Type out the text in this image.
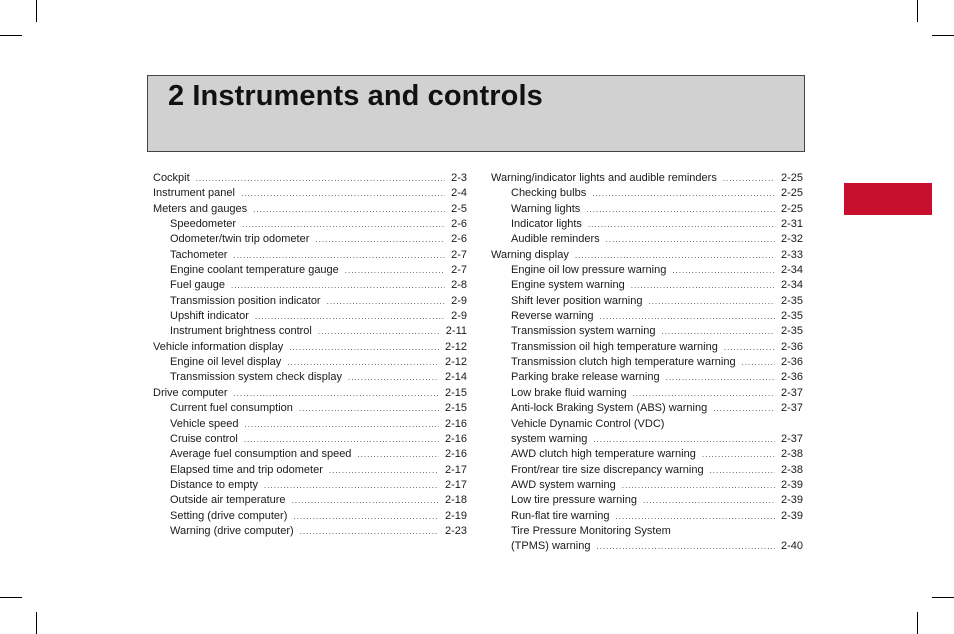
2 Instruments and controls
Cockpit .....	2-3
Instrument panel .....	2-4
Meters and gauges .....	2-5
Speedometer .....	2-6
Odometer/twin trip odometer .....	2-6
Tachometer .....	2-7
Engine coolant temperature gauge .....	2-7
Fuel gauge .....	2-8
Transmission position indicator .....	2-9
Upshift indicator .....	2-9
Instrument brightness control .....	2-11
Vehicle information display .....	2-12
Engine oil level display .....	2-12
Transmission system check display .....	2-14
Drive computer .....	2-15
Current fuel consumption .....	2-15
Vehicle speed .....	2-16
Cruise control .....	2-16
Average fuel consumption and speed .....	2-16
Elapsed time and trip odometer .....	2-17
Distance to empty .....	2-17
Outside air temperature .....	2-18
Setting (drive computer) .....	2-19
Warning (drive computer) .....	2-23
Warning/indicator lights and audible reminders .....	2-25
Checking bulbs .....	2-25
Warning lights .....	2-25
Indicator lights .....	2-31
Audible reminders .....	2-32
Warning display .....	2-33
Engine oil low pressure warning .....	2-34
Engine system warning .....	2-34
Shift lever position warning .....	2-35
Reverse warning .....	2-35
Transmission system warning .....	2-35
Transmission oil high temperature warning .....	2-36
Transmission clutch high temperature warning .....	2-36
Parking brake release warning .....	2-36
Low brake fluid warning .....	2-37
Anti-lock Braking System (ABS) warning .....	2-37
Vehicle Dynamic Control (VDC)
system warning .....	2-37
AWD clutch high temperature warning .....	2-38
Front/rear tire size discrepancy warning .....	2-38
AWD system warning .....	2-39
Low tire pressure warning .....	2-39
Run-flat tire warning .....	2-39
Tire Pressure Monitoring System
(TPMS) warning .....	2-40
